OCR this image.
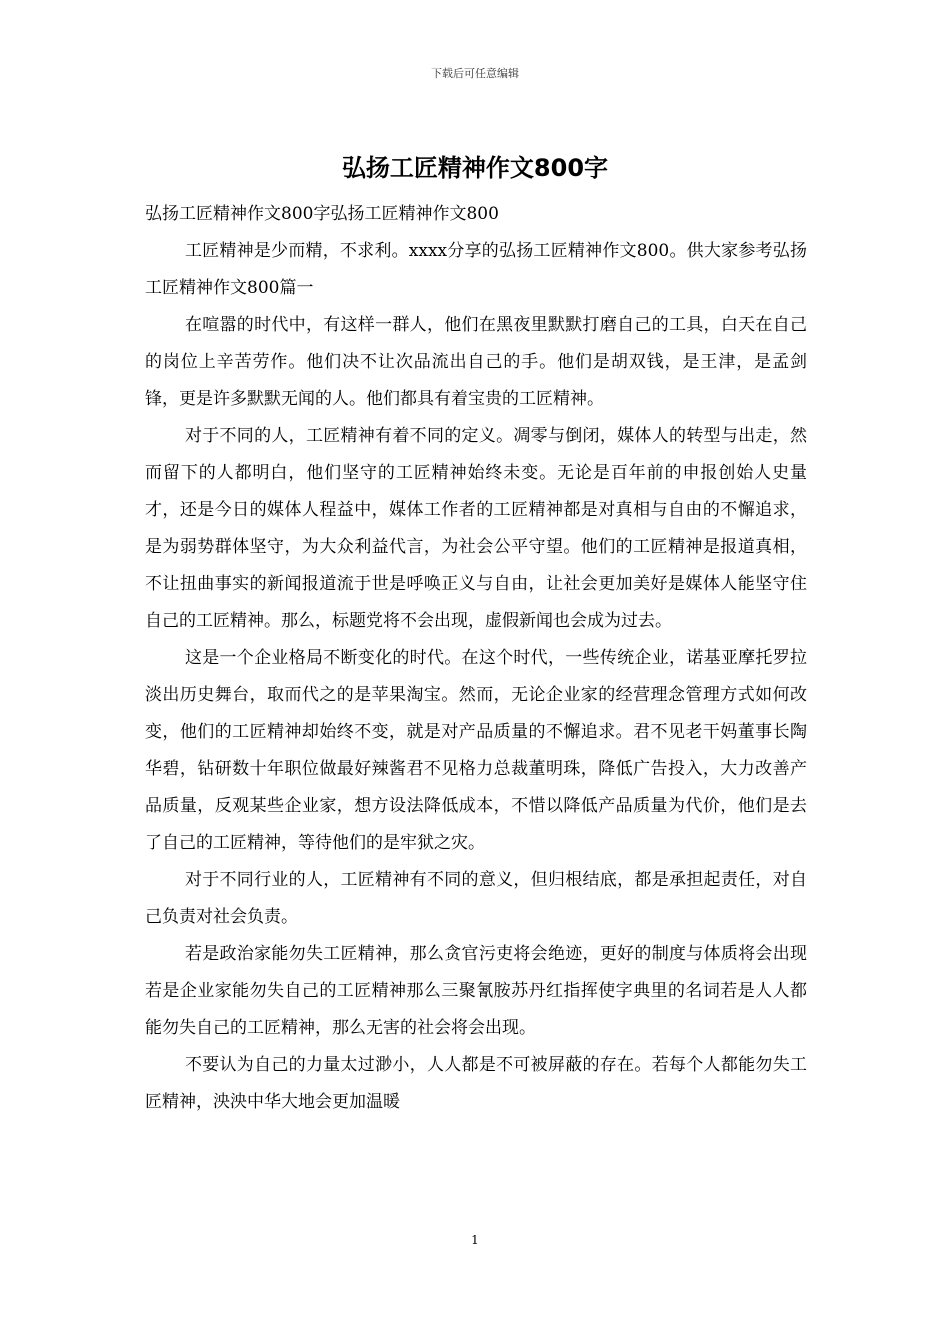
下载后可任意编辑
弘扬工匠精神作文800字

弘扬工匠精神作文800字弘扬工匠精神作文800

工匠精神是少而精，不求利。xxxx分享的弘扬工匠精神作文800。供大家参考弘扬工匠精神作文800篇一

在喧嚣的时代中，有这样一群人，他们在黑夜里默默打磨自己的工具，白天在自己的岗位上辛苦劳作。他们决不让次品流出自己的手。他们是胡双钱，是王津，是孟剑锋，更是许多默默无闻的人。他们都具有着宝贵的工匠精神。

对于不同的人，工匠精神有着不同的定义。凋零与倒闭，媒体人的转型与出走，然而留下的人都明白，他们坚守的工匠精神始终未变。无论是百年前的申报创始人史量才，还是今日的媒体人程益中，媒体工作者的工匠精神都是对真相与自由的不懈追求，是为弱势群体坚守，为大众利益代言，为社会公平守望。他们的工匠精神是报道真相，不让扭曲事实的新闻报道流于世是呼唤正义与自由，让社会更加美好是媒体人能坚守住自己的工匠精神。那么，标题党将不会出现，虚假新闻也会成为过去。

这是一个企业格局不断变化的时代。在这个时代，一些传统企业，诺基亚摩托罗拉淡出历史舞台，取而代之的是苹果淘宝。然而，无论企业家的经营理念管理方式如何改变，他们的工匠精神却始终不变，就是对产品质量的不懈追求。君不见老干妈董事长陶华碧，钻研数十年职位做最好辣酱君不见格力总裁董明珠，降低广告投入，大力改善产品质量，反观某些企业家，想方设法降低成本，不惜以降低产品质量为代价，他们是去了自己的工匠精神，等待他们的是牢狱之灾。

对于不同行业的人，工匠精神有不同的意义，但归根结底，都是承担起责任，对自己负责对社会负责。

若是政治家能勿失工匠精神，那么贪官污吏将会绝迹，更好的制度与体质将会出现若是企业家能勿失自己的工匠精神那么三聚氰胺苏丹红指挥使字典里的名词若是人人都能勿失自己的工匠精神，那么无害的社会将会出现。

不要认为自己的力量太过渺小，人人都是不可被屏蔽的存在。若每个人都能勿失工匠精神，泱泱中华大地会更加温暖

1
